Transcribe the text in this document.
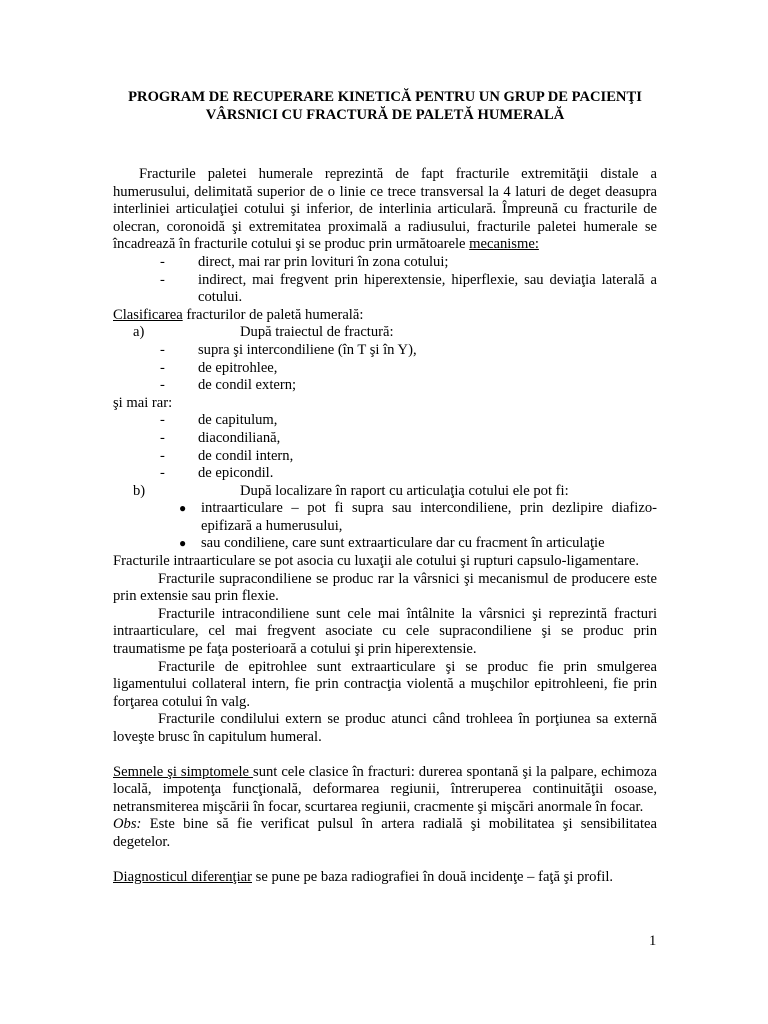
PROGRAM DE RECUPERARE KINETICĂ PENTRU UN GRUP DE PACIENŢI
VÂRSNICI CU FRACTURĂ DE PALETĂ HUMERALĂ

Fracturile paletei humerale reprezintă de fapt fracturile extremităţii distale a humerusului, delimitată superior de o linie ce trece transversal la 4 laturi de deget deasupra interliniei articulaţiei cotului şi inferior, de interlinia articulară. Împreună cu fracturile de olecran, coronoidă şi extremitatea proximală a radiusului, fracturile paletei humerale se încadrează în fracturile cotului şi se produc prin următoarele mecanisme:

-	direct, mai rar prin lovituri în zona cotului;
-	indirect, mai fregvent prin hiperextensie, hiperflexie, sau deviaţia laterală a cotului.

Clasificarea fracturilor de paletă humerală:

a)	După traiectul de fractură:
-	supra şi intercondiliene (în T şi în Y),
-	de epitrohlee,
-	de condil extern;

şi mai rar:

-	de capitulum,
-	diacondiliană,
-	de condil intern,
-	de epicondil.
b)	După localizare în raport cu articulaţia cotului ele pot fi:
●	intraarticulare – pot fi supra sau intercondiliene, prin dezlipire diafizo-epifizară a humerusului,
●	sau condiliene, care sunt extraarticulare dar cu fracment în articulaţie

Fracturile intraarticulare se pot asocia cu luxaţii ale cotului şi rupturi capsulo-ligamentare.

Fracturile supracondiliene se produc rar la vârsnici şi mecanismul de producere este prin extensie sau prin flexie.

Fracturile intracondiliene sunt cele mai întâlnite la vârsnici şi reprezintă fracturi intraarticulare, cel mai fregvent asociate cu cele supracondiliene şi se produc prin traumatisme pe faţa posterioară a cotului şi prin hiperextensie.

Fracturile de epitrohlee sunt extraarticulare şi se produc fie prin smulgerea ligamentului collateral intern, fie prin contracţia violentă a muşchilor epitrohleeni, fie prin forţarea cotului în valg.

Fracturile condilului extern se produc atunci când trohleea în porţiunea sa externă loveşte brusc în capitulum humeral.

Semnele şi simptomele sunt cele clasice în fracturi: durerea spontană şi la palpare, echimoza locală, impotenţa funcţională, deformarea regiunii, întreruperea continuităţii osoase, netransmiterea mişcării în focar, scurtarea regiunii, cracmente şi mişcări anormale în focar.

Obs: Este bine să fie verificat pulsul în artera radială şi mobilitatea şi sensibilitatea degetelor.

Diagnosticul diferenţiar se pune pe baza radiografiei în două incidenţe – faţă şi profil.

1
